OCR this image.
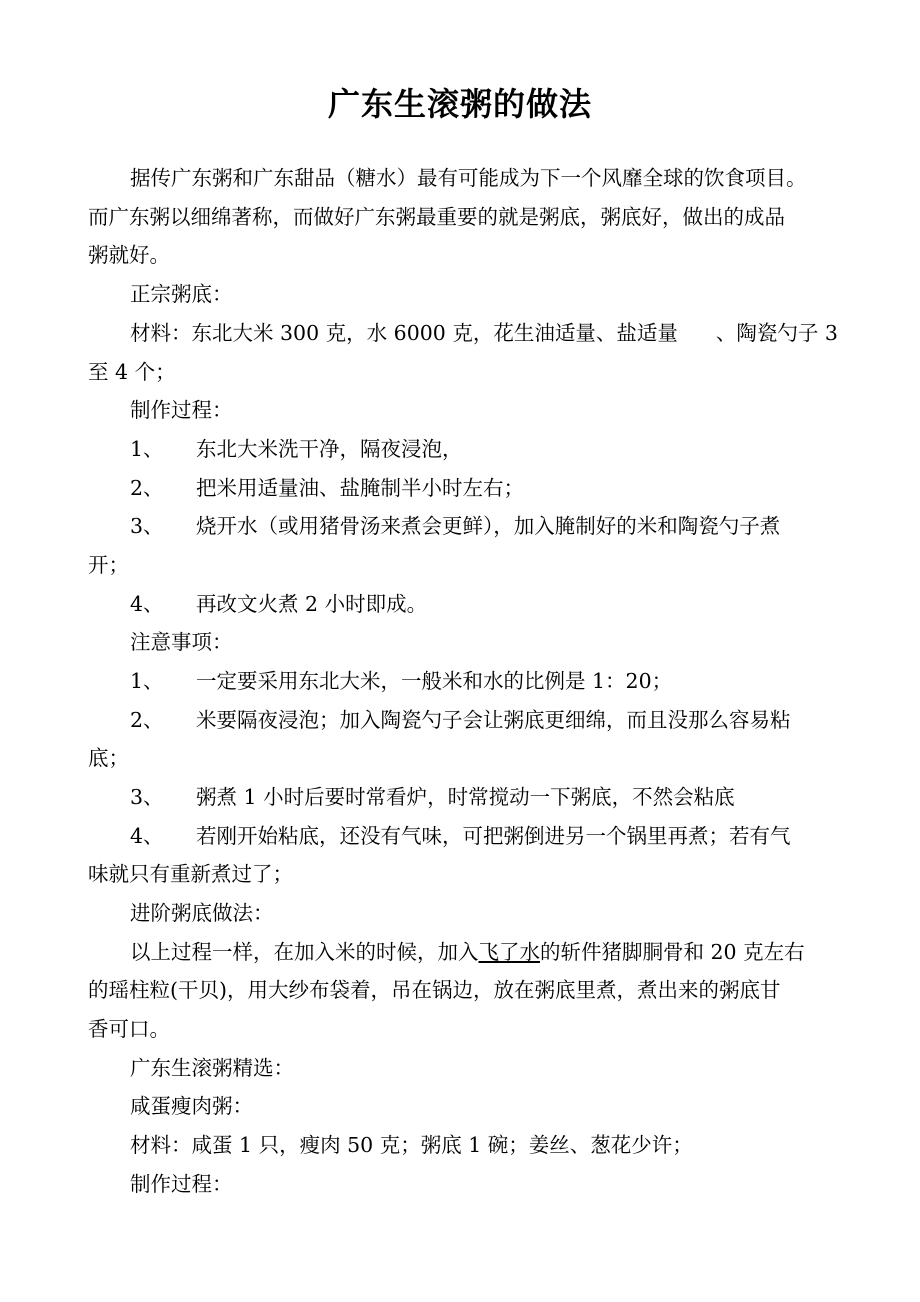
广东生滚粥的做法
据传广东粥和广东甜品（糖水）最有可能成为下一个风靡全球的饮食项目。
而广东粥以细绵著称，而做好广东粥最重要的就是粥底，粥底好，做出的成品
粥就好。
正宗粥底：
材料：东北大米 300 克，水 6000 克，花生油适量、盐适量 、陶瓷勺子 3
至 4 个；
制作过程：
1、 东北大米洗干净，隔夜浸泡，
2、 把米用适量油、盐腌制半小时左右；
3、 烧开水（或用猪骨汤来煮会更鲜），加入腌制好的米和陶瓷勺子煮
开；
4、 再改文火煮 2 小时即成。
注意事项：
1、 一定要采用东北大米，一般米和水的比例是 1：20；
2、 米要隔夜浸泡；加入陶瓷勺子会让粥底更细绵，而且没那么容易粘
底；
3、 粥煮 1 小时后要时常看炉，时常搅动一下粥底，不然会粘底
4、 若刚开始粘底，还没有气味，可把粥倒进另一个锅里再煮；若有气
味就只有重新煮过了；
进阶粥底做法：
以上过程一样，在加入米的时候，加入飞了水的斩件猪脚胴骨和 20 克左右
的瑶柱粒(干贝)，用大纱布袋着，吊在锅边，放在粥底里煮，煮出来的粥底甘
香可口。
广东生滚粥精选：
咸蛋瘦肉粥：
材料：咸蛋 1 只，瘦肉 50 克；粥底 1 碗；姜丝、葱花少许；
制作过程：
